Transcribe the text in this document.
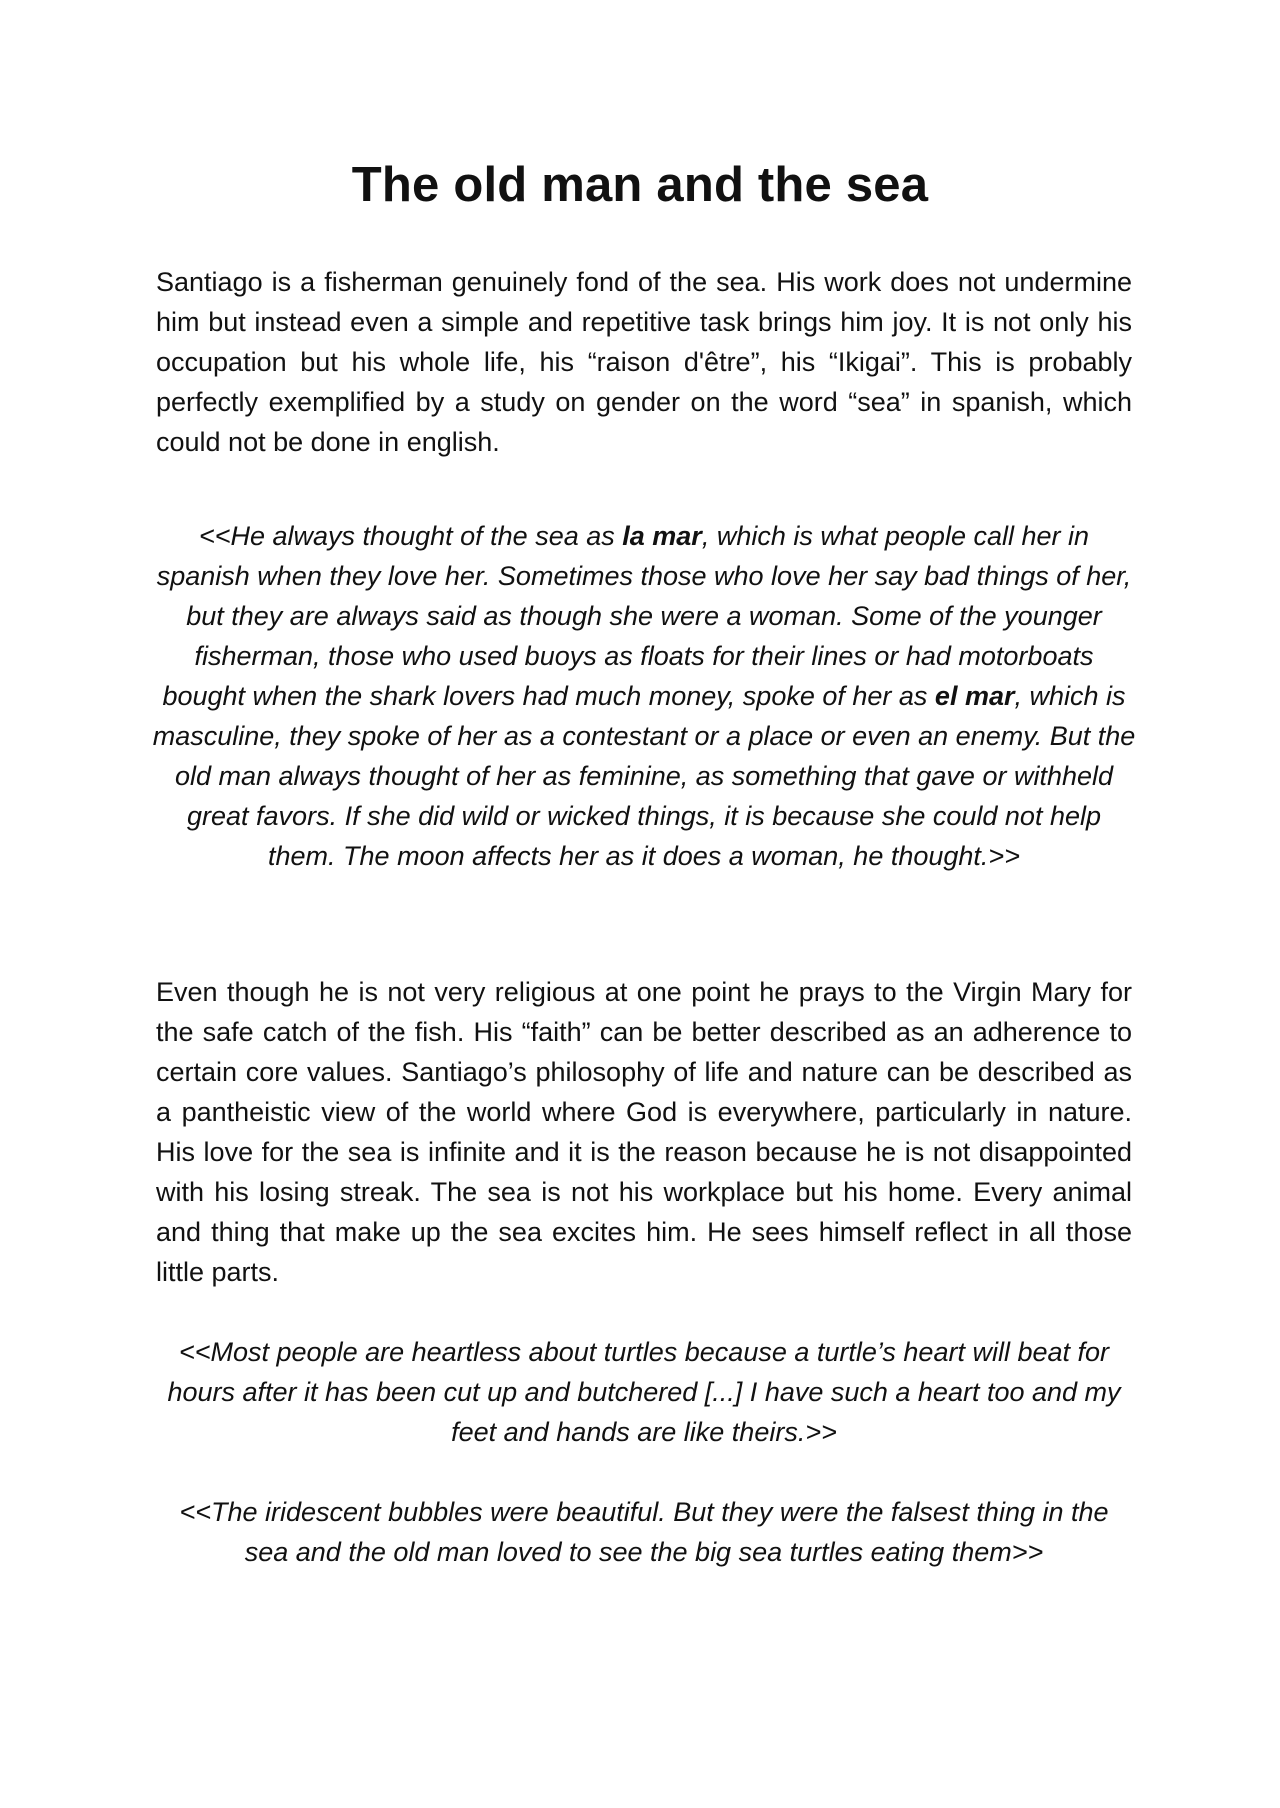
The old man and the sea

Santiago is a fisherman genuinely fond of the sea. His work does not undermine him but instead even a simple and repetitive task brings him joy. It is not only his occupation but his whole life, his “raison d'être”, his “Ikigai”. This is probably perfectly exemplified by a study on gender on the word “sea” in spanish, which could not be done in english.

<<He always thought of the sea as la mar, which is what people call her in spanish when they love her. Sometimes those who love her say bad things of her, but they are always said as though she were a woman. Some of the younger fisherman, those who used buoys as floats for their lines or had motorboats bought when the shark lovers had much money, spoke of her as el mar, which is masculine, they spoke of her as a contestant or a place or even an enemy. But the old man always thought of her as feminine, as something that gave or withheld great favors. If she did wild or wicked things, it is because she could not help them. The moon affects her as it does a woman, he thought.>>

Even though he is not very religious at one point he prays to the Virgin Mary for the safe catch of the fish. His “faith” can be better described as an adherence to certain core values. Santiago’s philosophy of life and nature can be described as a pantheistic view of the world where God is everywhere, particularly in nature. His love for the sea is infinite and it is the reason because he is not disappointed with his losing streak. The sea is not his workplace but his home. Every animal and thing that make up the sea excites him. He sees himself reflect in all those little parts.

<<Most people are heartless about turtles because a turtle’s heart will beat for hours after it has been cut up and butchered [...] I have such a heart too and my feet and hands are like theirs.>>

<<The iridescent bubbles were beautiful. But they were the falsest thing in the sea and the old man loved to see the big sea turtles eating them>>
